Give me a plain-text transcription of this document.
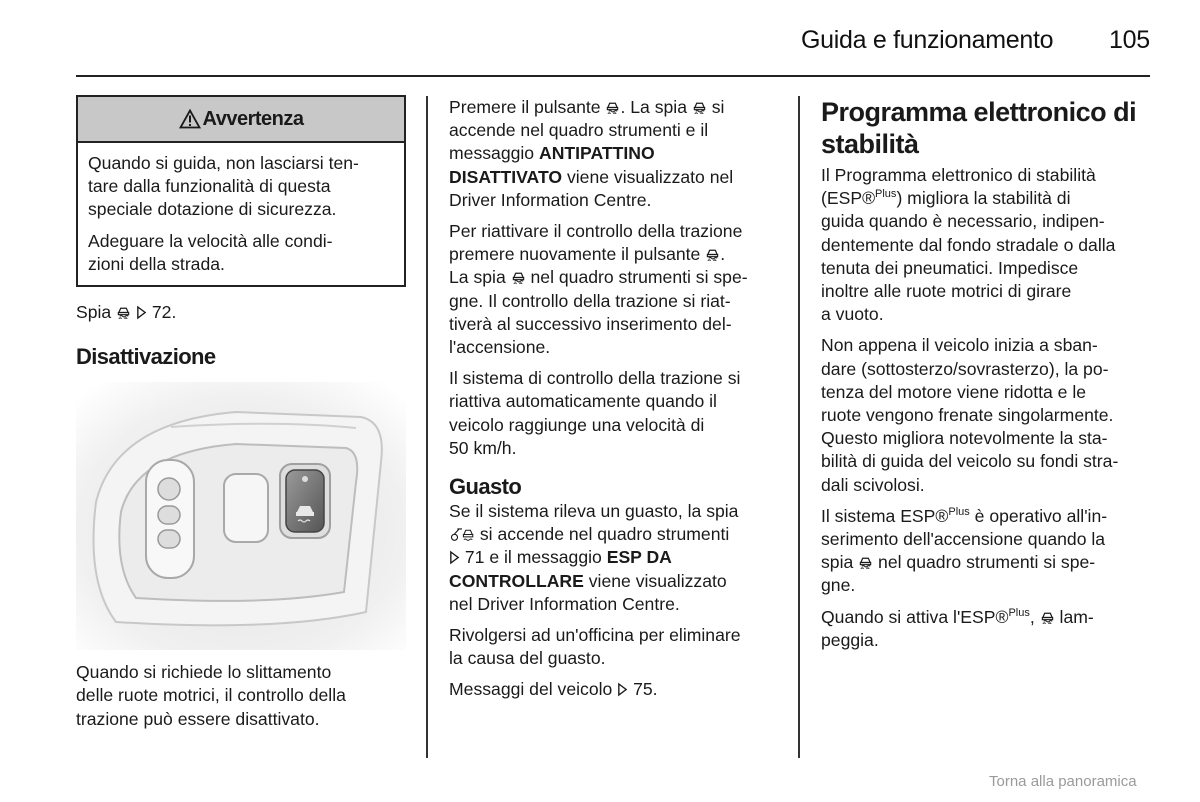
Guida e funzionamento 105
Avvertenza

Quando si guida, non lasciarsi ten-
tare dalla funzionalità di questa
speciale dotazione di sicurezza.

Adeguare la velocità alle condi-
zioni della strada.

Spia 72.

Disattivazione

Quando si richiede lo slittamento
delle ruote motrici, il controllo della
trazione può essere disattivato.

Premere il pulsante . La spia  si
accende nel quadro strumenti e il
messaggio ANTIPATTINO
DISATTIVATO viene visualizzato nel
Driver Information Centre.

Per riattivare il controllo della trazione
premere nuovamente il pulsante .
La spia  nel quadro strumenti si spe-
gne. Il controllo della trazione si riat-
tiverà al successivo inserimento del-
l'accensione.

Il sistema di controllo della trazione si
riattiva automaticamente quando il
veicolo raggiunge una velocità di
50 km/h.

Guasto

Se il sistema rileva un guasto, la spia
si accende nel quadro strumenti
71 e il messaggio ESP DA
CONTROLLARE viene visualizzato
nel Driver Information Centre.

Rivolgersi ad un'officina per eliminare
la causa del guasto.

Messaggi del veicolo 75.

Programma elettronico di
stabilità

Il Programma elettronico di stabilità
(ESP®$^{Plus}$) migliora la stabilità di
guida quando è necessario, indipen-
dentemente dal fondo stradale o dalla
tenuta dei pneumatici. Impedisce
inoltre alle ruote motrici di girare
a vuoto.

Non appena il veicolo inizia a sban-
dare (sottosterzo/sovrasterzo), la po-
tenza del motore viene ridotta e le
ruote vengono frenate singolarmente.
Questo migliora notevolmente la sta-
bilità di guida del veicolo su fondi stra-
dali scivolosi.

Il sistema ESP®$^{Plus}$ è operativo all'in-
serimento dell'accensione quando la
spia  nel quadro strumenti si spe-
gne.

Quando si attiva l'ESP®$^{Plus}$,  lam-
peggia.

Torna alla panoramica
